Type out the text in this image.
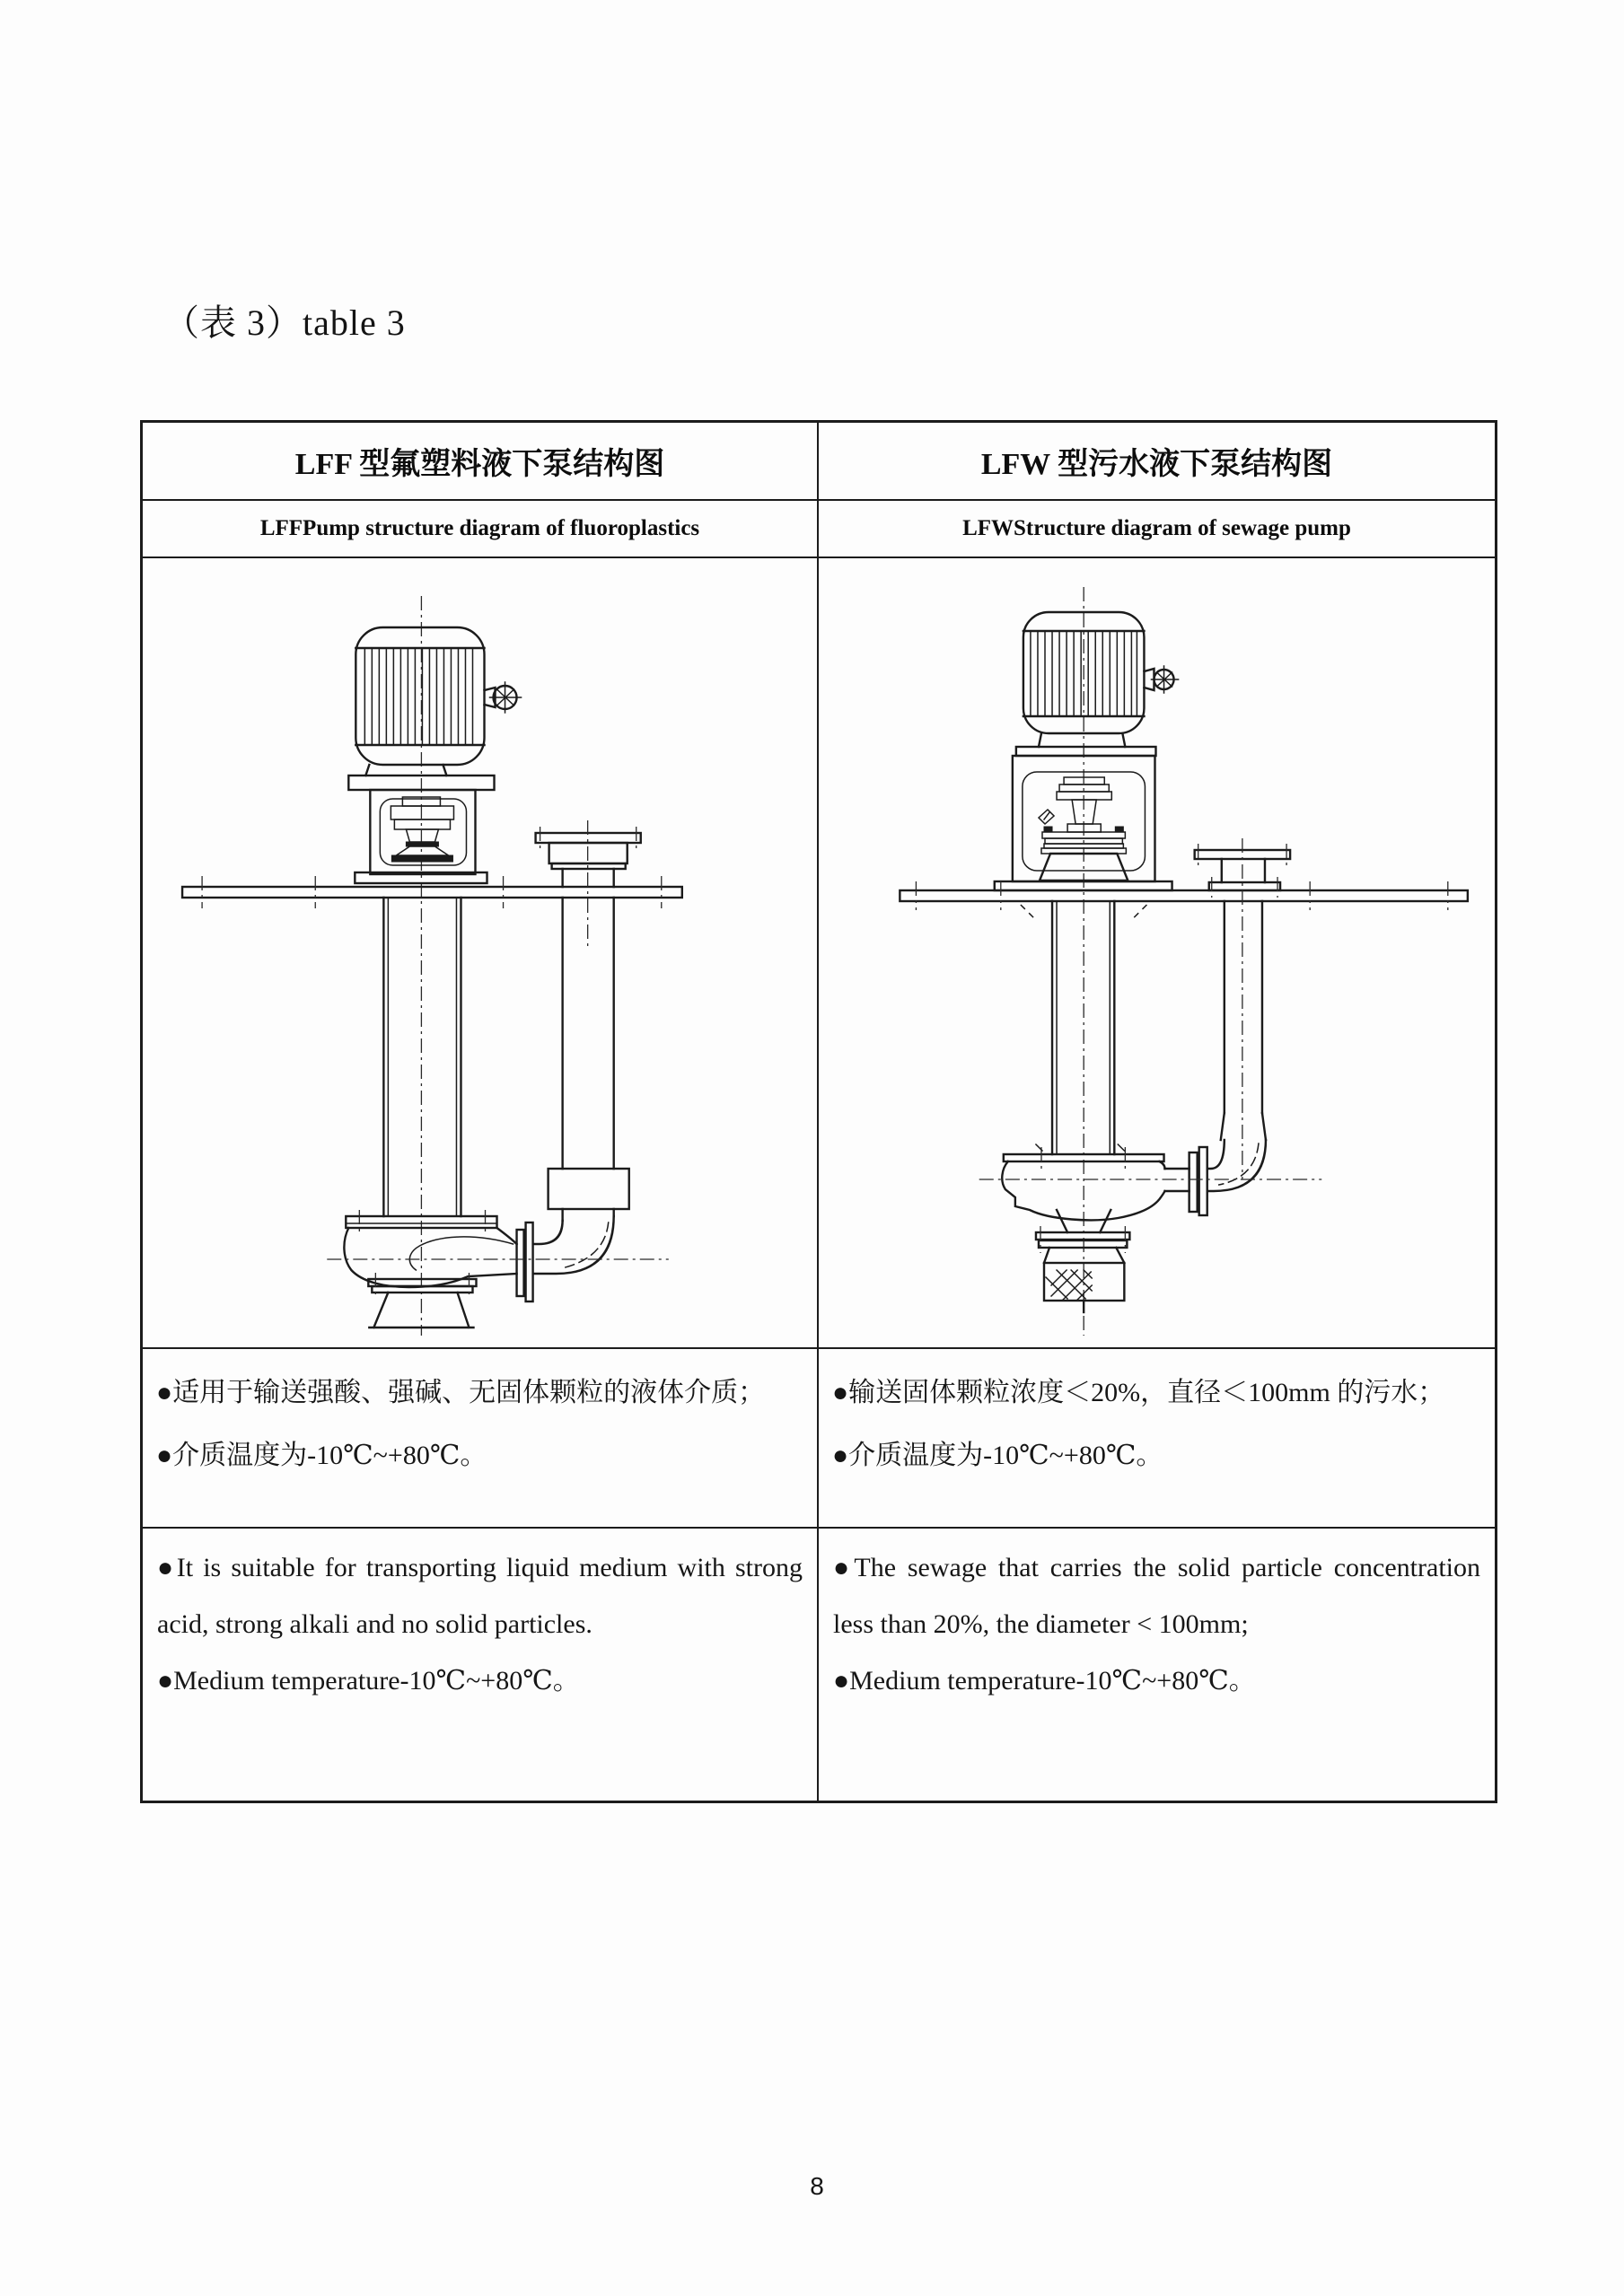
（表 3）table 3
LFF 型氟塑料液下泵结构图	LFW 型污水液下泵结构图
LFFPump structure diagram of fluoroplastics	LFWStructure diagram of sewage pump

●适用于输送强酸、强碱、无固体颗粒的液体介质；

●介质温度为-10℃~+80℃。

●输送固体颗粒浓度＜20%，直径＜100mm 的污水；

●介质温度为-10℃~+80℃。

●It is suitable for transporting liquid medium with strong acid, strong alkali and no solid particles.

●Medium temperature-10℃~+80℃。

●The sewage that carries the solid particle concentration less than 20%, the diameter < 100mm;

●Medium temperature-10℃~+80℃。

8
